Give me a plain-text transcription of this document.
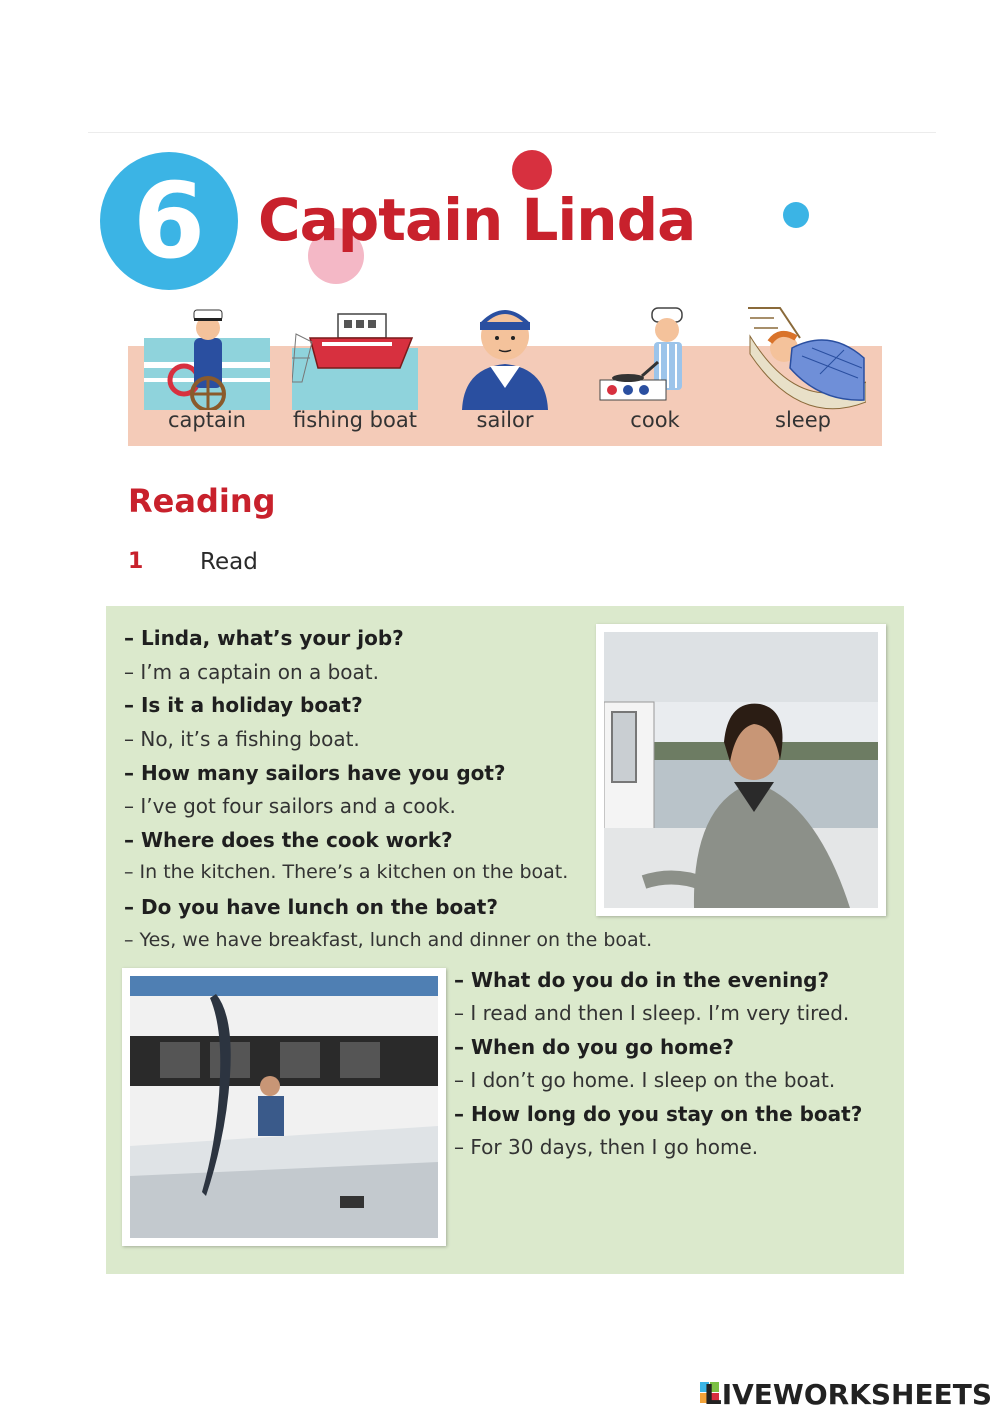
6 Captain Linda
captain	fishing boat	sailor	cook	sleep
Reading
1 Read
– Linda, what’s your job?
– I’m a captain on a boat.
– Is it a holiday boat?
– No, it’s a fishing boat.
– How many sailors have you got?
– I’ve got four sailors and a cook.
– Where does the cook work?
– In the kitchen. There’s a kitchen on the boat.
– Do you have lunch on the boat?
– Yes, we have breakfast, lunch and dinner on the boat.
– What do you do in the evening?
– I read and then I sleep. I’m very tired.
– When do you go home?
– I don’t go home. I sleep on the boat.
– How long do you stay on the boat?
– For 30 days, then I go home.
LIVEWORKSHEETS
